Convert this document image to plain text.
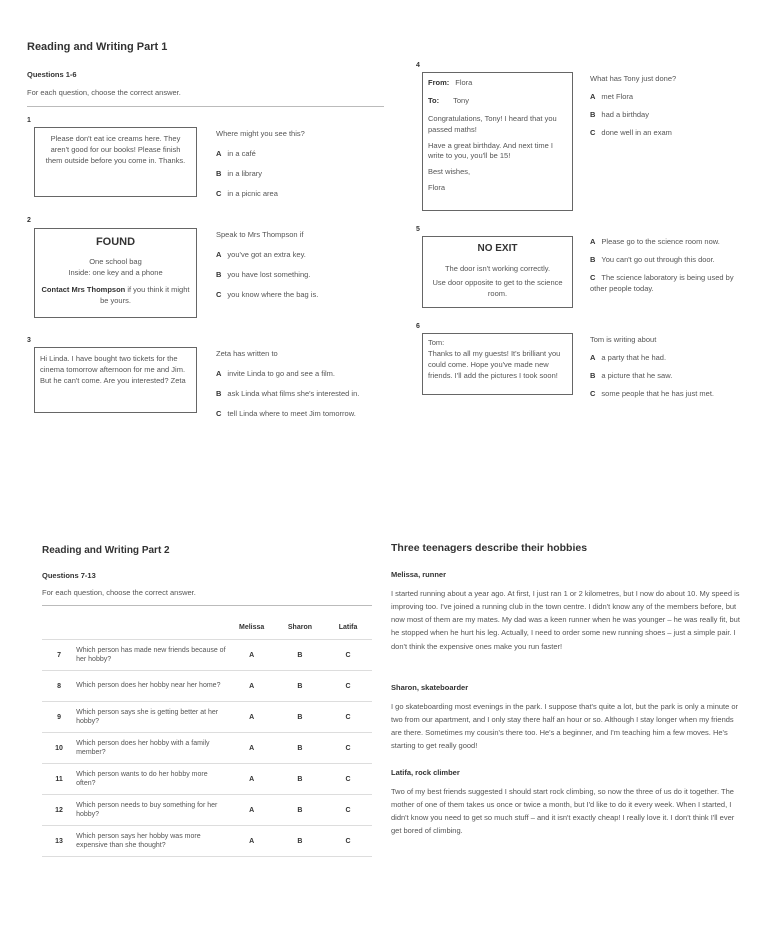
Reading and Writing Part 1
Questions 1-6
For each question, choose the correct answer.
1
Please don't eat ice creams here. They aren't good for our books! Please finish them outside before you come in. Thanks.
Where might you see this?
A in a café
B in a library
C in a picnic area
2
FOUND
One school bag
Inside: one key and a phone
Contact Mrs Thompson if you think it might be yours.
Speak to Mrs Thompson if
A you've got an extra key.
B you have lost something.
C you know where the bag is.
3
Hi Linda. I have bought two tickets for the cinema tomorrow afternoon for me and Jim. But he can't come. Are you interested? Zeta
Zeta has written to
A invite Linda to go and see a film.
B ask Linda what films she's interested in.
C tell Linda where to meet Jim tomorrow.
4
From: Flora
To: Tony
Congratulations, Tony! I heard that you passed maths!
Have a great birthday. And next time I write to you, you'll be 15!
Best wishes,
Flora
What has Tony just done?
A met Flora
B had a birthday
C done well in an exam
5
NO EXIT
The door isn't working correctly.
Use door opposite to get to the science room.
A Please go to the science room now.
B You can't go out through this door.
C The science laboratory is being used by other people today.
6
Tom:
Thanks to all my guests! It's brilliant you could come. Hope you've made new friends. I'll add the pictures I took soon!
Tom is writing about
A a party that he had.
B a picture that he saw.
C some people that he has just met.
Reading and Writing Part 2
Questions 7-13
For each question, choose the correct answer.
		Melissa	Sharon	Latifa
7	Which person has made new friends because of her hobby?	A	B	C
8	Which person does her hobby near her home?	A	B	C
9	Which person says she is getting better at her hobby?	A	B	C
10	Which person does her hobby with a family member?	A	B	C
11	Which person wants to do her hobby more often?	A	B	C
12	Which person needs to buy something for her hobby?	A	B	C
13	Which person says her hobby was more expensive than she thought?	A	B	C
Three teenagers describe their hobbies
Melissa, runner
I started running about a year ago. At first, I just ran 1 or 2 kilometres, but I now do about 10. My speed is improving too. I've joined a running club in the town centre. I didn't know any of the members before, but now most of them are my mates. My dad was a keen runner when he was younger – he was really fit, but he stopped when he hurt his leg. Actually, I need to order some new running shoes – just a simple pair. I don't think the expensive ones make you run faster!
Sharon, skateboarder
I go skateboarding most evenings in the park. I suppose that's quite a lot, but the park is only a minute or two from our apartment, and I only stay there half an hour or so. Although I stay longer when my friends are there. Sometimes my cousin's there too. He's a beginner, and I'm teaching him a few moves. He's starting to get really good!
Latifa, rock climber
Two of my best friends suggested I should start rock climbing, so now the three of us do it together. The mother of one of them takes us once or twice a month, but I'd like to do it every week. When I started, I didn't know you need to get so much stuff – and it isn't exactly cheap! I really love it. I don't think I'll ever get bored of climbing.
